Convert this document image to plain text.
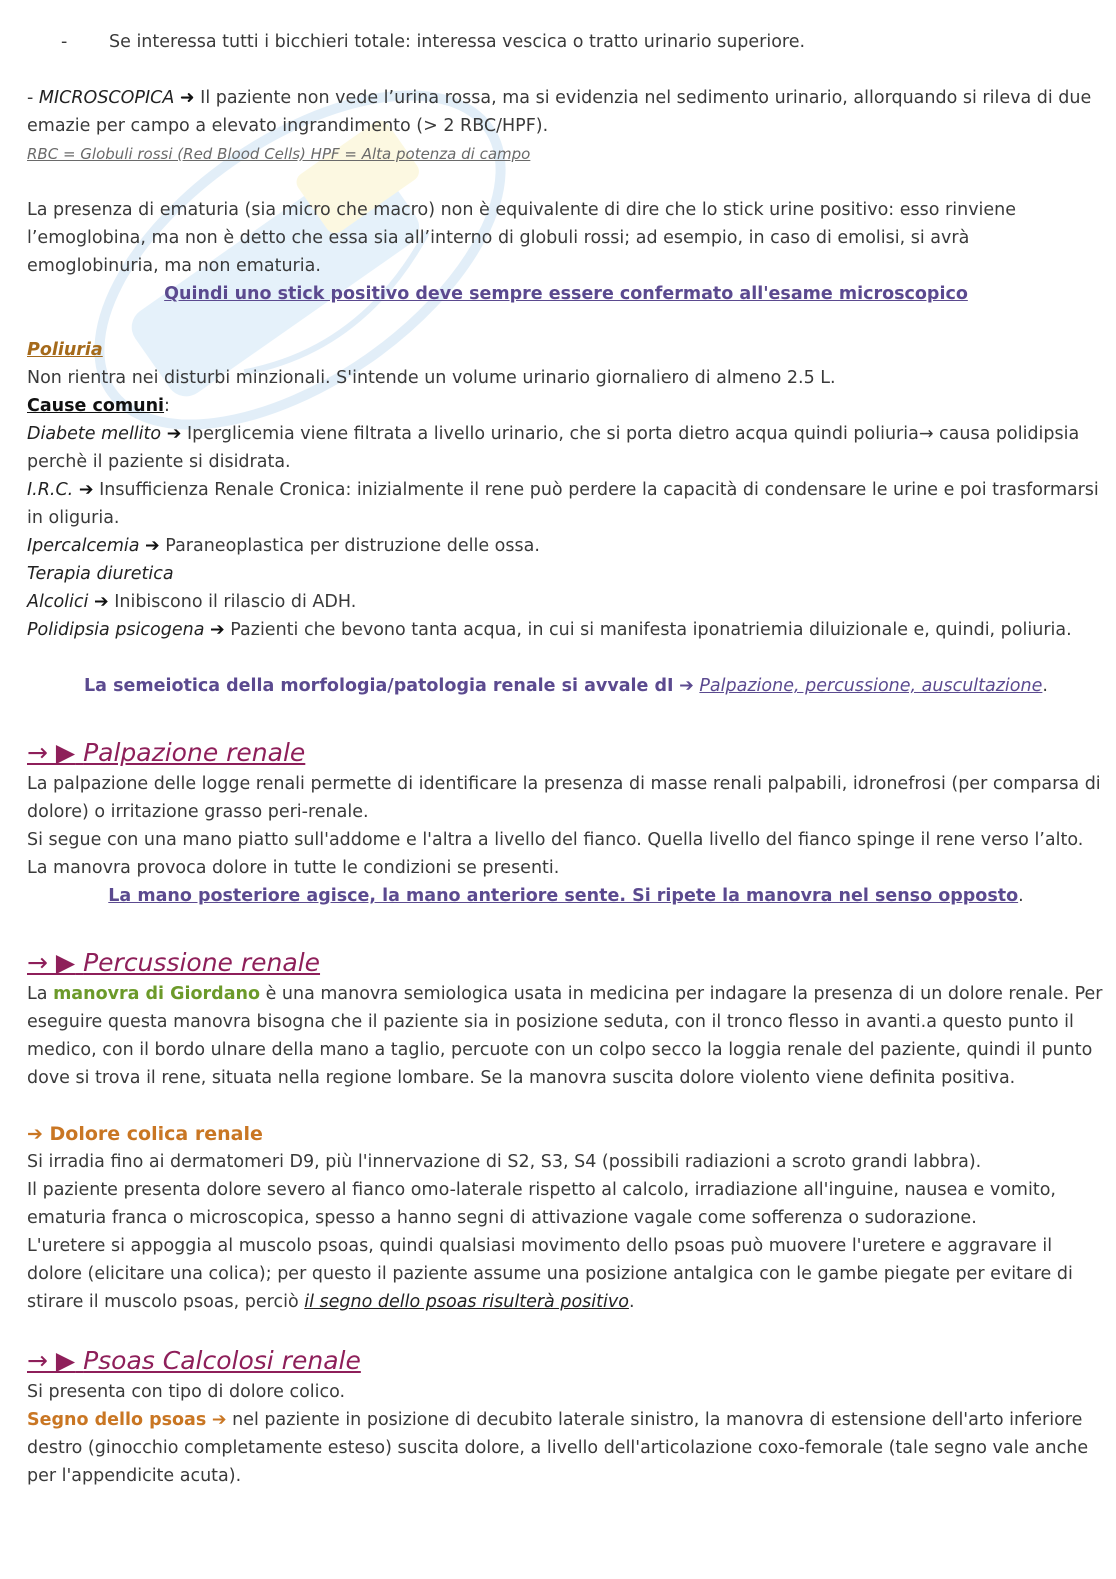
- Se interessa tutti i bicchieri totale: interessa vescica o tratto urinario superiore.

- MICROSCOPICA ➜ Il paziente non vede l’urina rossa, ma si evidenzia nel sedimento urinario, allorquando si rileva di due emazie per campo a elevato ingrandimento (> 2 RBC/HPF).

RBC = Globuli rossi (Red Blood Cells) HPF = Alta potenza di campo

La presenza di ematuria (sia micro che macro) non è equivalente di dire che lo stick urine positivo: esso rinviene l’emoglobina, ma non è detto che essa sia all’interno di globuli rossi; ad esempio, in caso di emolisi, si avrà emoglobinuria, ma non ematuria.

Quindi uno stick positivo deve sempre essere confermato all'esame microscopico

Poliuria

Non rientra nei disturbi minzionali. S'intende un volume urinario giornaliero di almeno 2.5 L.

Cause comuni:

Diabete mellito ➔ Iperglicemia viene filtrata a livello urinario, che si porta dietro acqua quindi poliuria→ causa polidipsia perchè il paziente si disidrata.

I.R.C. ➔ Insufficienza Renale Cronica: inizialmente il rene può perdere la capacità di condensare le urine e poi trasformarsi in oliguria.

Ipercalcemia ➔ Paraneoplastica per distruzione delle ossa.

Terapia diuretica

Alcolici ➔ Inibiscono il rilascio di ADH.

Polidipsia psicogena ➔ Pazienti che bevono tanta acqua, in cui si manifesta iponatriemia diluizionale e, quindi, poliuria.

La semeiotica della morfologia/patologia renale si avvale dI ➔ Palpazione, percussione, auscultazione.

→ ▶ Palpazione renale

La palpazione delle logge renali permette di identificare la presenza di masse renali palpabili, idronefrosi (per comparsa di dolore) o irritazione grasso peri-renale.

Si segue con una mano piatto sull'addome e l'altra a livello del fianco. Quella livello del fianco spinge il rene verso l’alto.

La manovra provoca dolore in tutte le condizioni se presenti.

La mano posteriore agisce, la mano anteriore sente. Si ripete la manovra nel senso opposto.

→ ▶ Percussione renale

La manovra di Giordano è una manovra semiologica usata in medicina per indagare la presenza di un dolore renale. Per eseguire questa manovra bisogna che il paziente sia in posizione seduta, con il tronco flesso in avanti.a questo punto il medico, con il bordo ulnare della mano a taglio, percuote con un colpo secco la loggia renale del paziente, quindi il punto dove si trova il rene, situata nella regione lombare. Se la manovra suscita dolore violento viene definita positiva.

➔ Dolore colica renale

Si irradia fino ai dermatomeri D9, più l'innervazione di S2, S3, S4 (possibili radiazioni a scroto grandi labbra).

Il paziente presenta dolore severo al fianco omo-laterale rispetto al calcolo, irradiazione all'inguine, nausea e vomito, ematuria franca o microscopica, spesso a hanno segni di attivazione vagale come sofferenza o sudorazione.

L'uretere si appoggia al muscolo psoas, quindi qualsiasi movimento dello psoas può muovere l'uretere e aggravare il dolore (elicitare una colica); per questo il paziente assume una posizione antalgica con le gambe piegate per evitare di stirare il muscolo psoas, perciò il segno dello psoas risulterà positivo.

→ ▶ Psoas Calcolosi renale

Si presenta con tipo di dolore colico.

Segno dello psoas ➔ nel paziente in posizione di decubito laterale sinistro, la manovra di estensione dell'arto inferiore destro (ginocchio completamente esteso) suscita dolore, a livello dell'articolazione coxo-femorale (tale segno vale anche per l'appendicite acuta).
